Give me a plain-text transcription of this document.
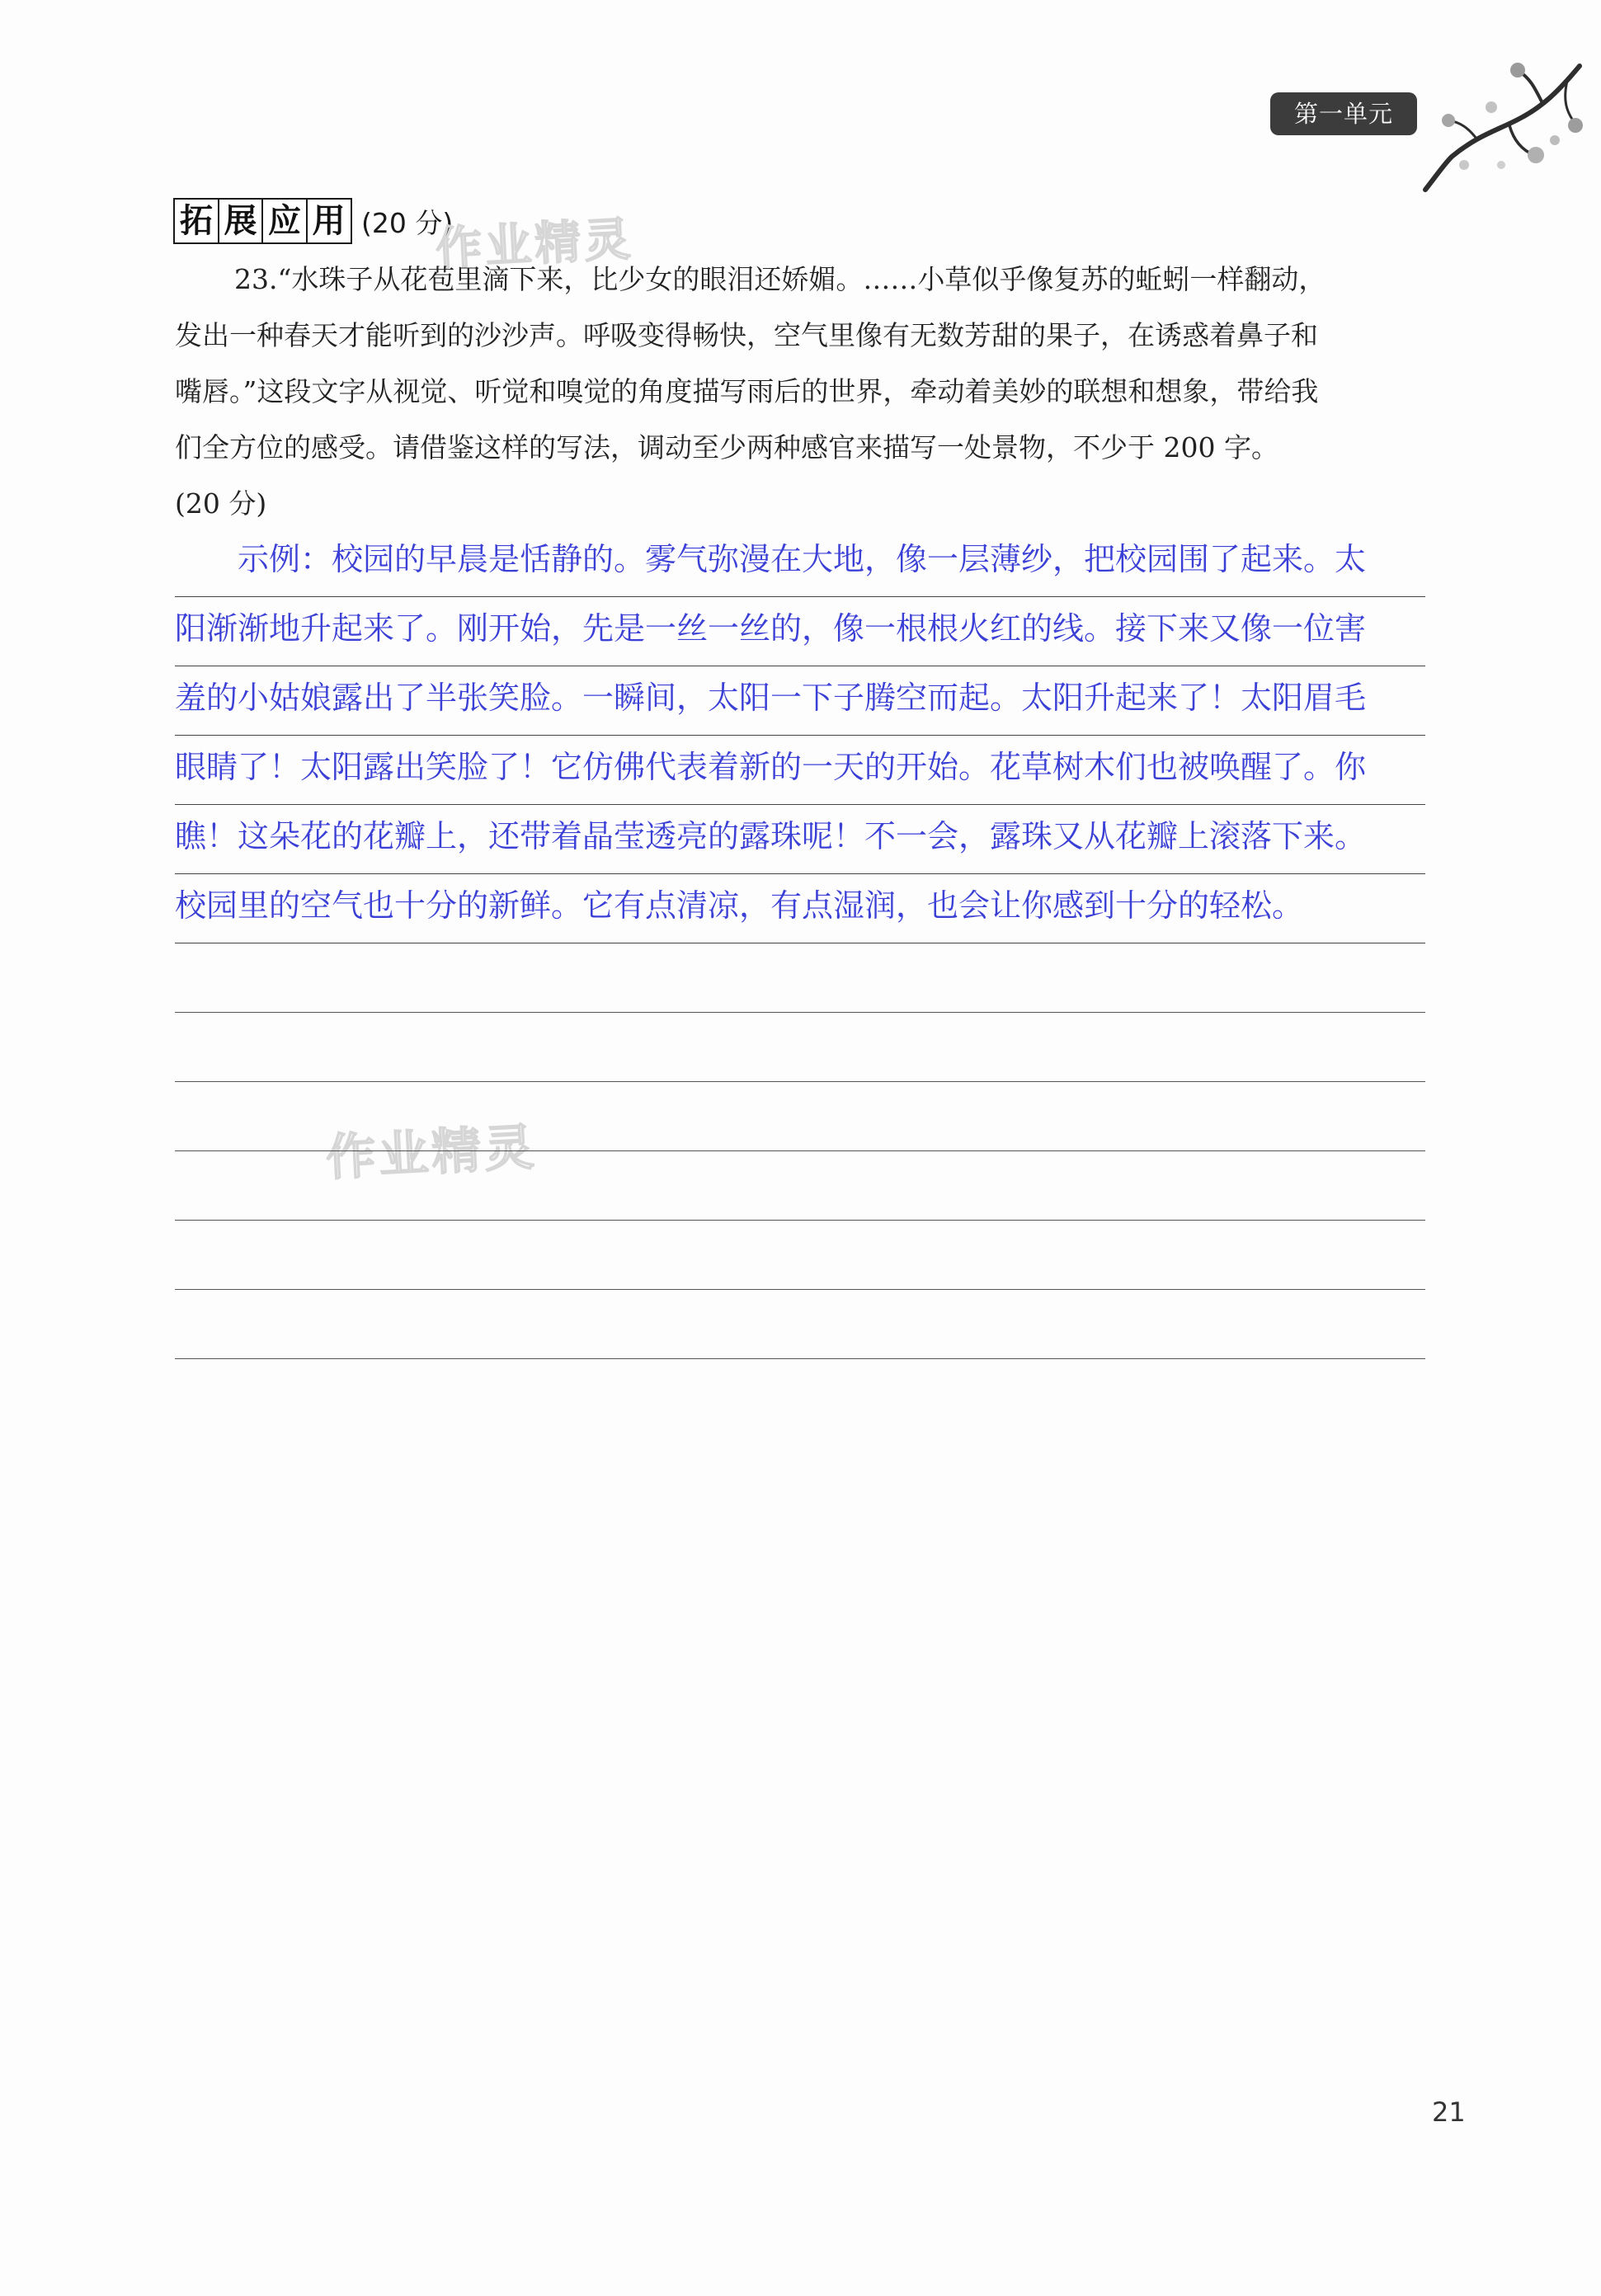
第一单元
拓 展 应 用 (20 分)
作业精灵
作业精灵
23.“水珠子从花苞里滴下来，比少女的眼泪还娇媚。……小草似乎像复苏的蚯蚓一样翻动，
发出一种春天才能听到的沙沙声。呼吸变得畅快，空气里像有无数芳甜的果子，在诱惑着鼻子和
嘴唇。”这段文字从视觉、听觉和嗅觉的角度描写雨后的世界，牵动着美妙的联想和想象，带给我
们全方位的感受。请借鉴这样的写法，调动至少两种感官来描写一处景物，不少于 200 字。
(20 分)
示例：校园的早晨是恬静的。雾气弥漫在大地，像一层薄纱，把校园围了起来。太
阳渐渐地升起来了。刚开始，先是一丝一丝的，像一根根火红的线。接下来又像一位害
羞的小姑娘露出了半张笑脸。一瞬间，太阳一下子腾空而起。太阳升起来了！太阳眉毛
眼睛了！太阳露出笑脸了！它仿佛代表着新的一天的开始。花草树木们也被唤醒了。你
瞧！这朵花的花瓣上，还带着晶莹透亮的露珠呢！不一会，露珠又从花瓣上滚落下来。
校园里的空气也十分的新鲜。它有点清凉，有点湿润，也会让你感到十分的轻松。
21
